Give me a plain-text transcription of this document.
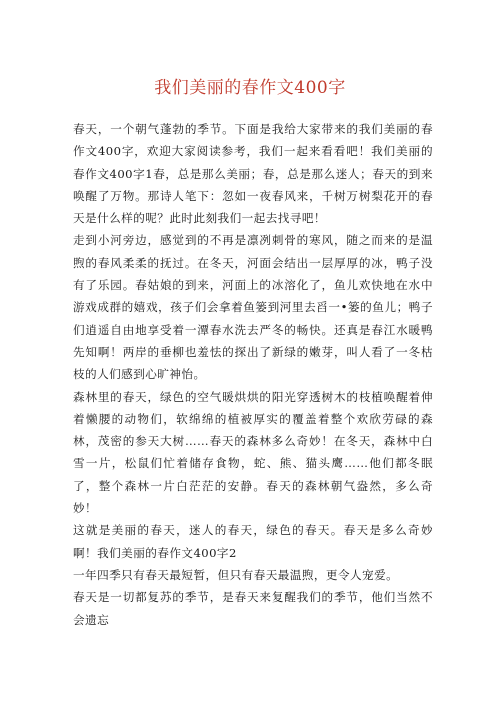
我们美丽的春作文400字

春天，一个朝气蓬勃的季节。下面是我给大家带来的我们美丽的春作文400字，欢迎大家阅读参考，我们一起来看看吧！我们美丽的春作文400字1春，总是那么美丽；春，总是那么迷人；春天的到来唤醒了万物。那诗人笔下：忽如一夜春风来，千树万树梨花开的春天是什么样的呢？此时此刻我们一起去找寻吧！

走到小河旁边，感觉到的不再是凛冽刺骨的寒风，随之而来的是温煦的春风柔柔的抚过。在冬天，河面会结出一层厚厚的冰，鸭子没有了乐园。春姑娘的到来，河面上的冰溶化了，鱼儿欢快地在水中游戏成群的嬉戏，孩子们会拿着鱼篓到河里去舀一•篓的鱼儿；鸭子们逍遥自由地享受着一潭春水洗去严冬的畅快。还真是春江水暖鸭先知啊！两岸的垂柳也羞怯的探出了新绿的嫩芽，叫人看了一冬枯枝的人们感到心旷神怡。

森林里的春天，绿色的空气暖烘烘的阳光穿透树木的枝植唤醒着伸着懒腰的动物们，软绵绵的植被厚实的覆盖着整个欢欣劳碌的森林，茂密的参天大树……春天的森林多么奇妙！在冬天，森林中白雪一片，松鼠们忙着储存食物，蛇、熊、猫头鹰……他们都冬眠了，整个森林一片白茫茫的安静。春天的森林朝气盎然，多么奇妙！

这就是美丽的春天，迷人的春天，绿色的春天。春天是多么奇妙啊！我们美丽的春作文400字2

一年四季只有春天最短暂，但只有春天最温煦，更令人宠爱。

春天是一切都复苏的季节，是春天来复醒我们的季节，他们当然不会遗忘
